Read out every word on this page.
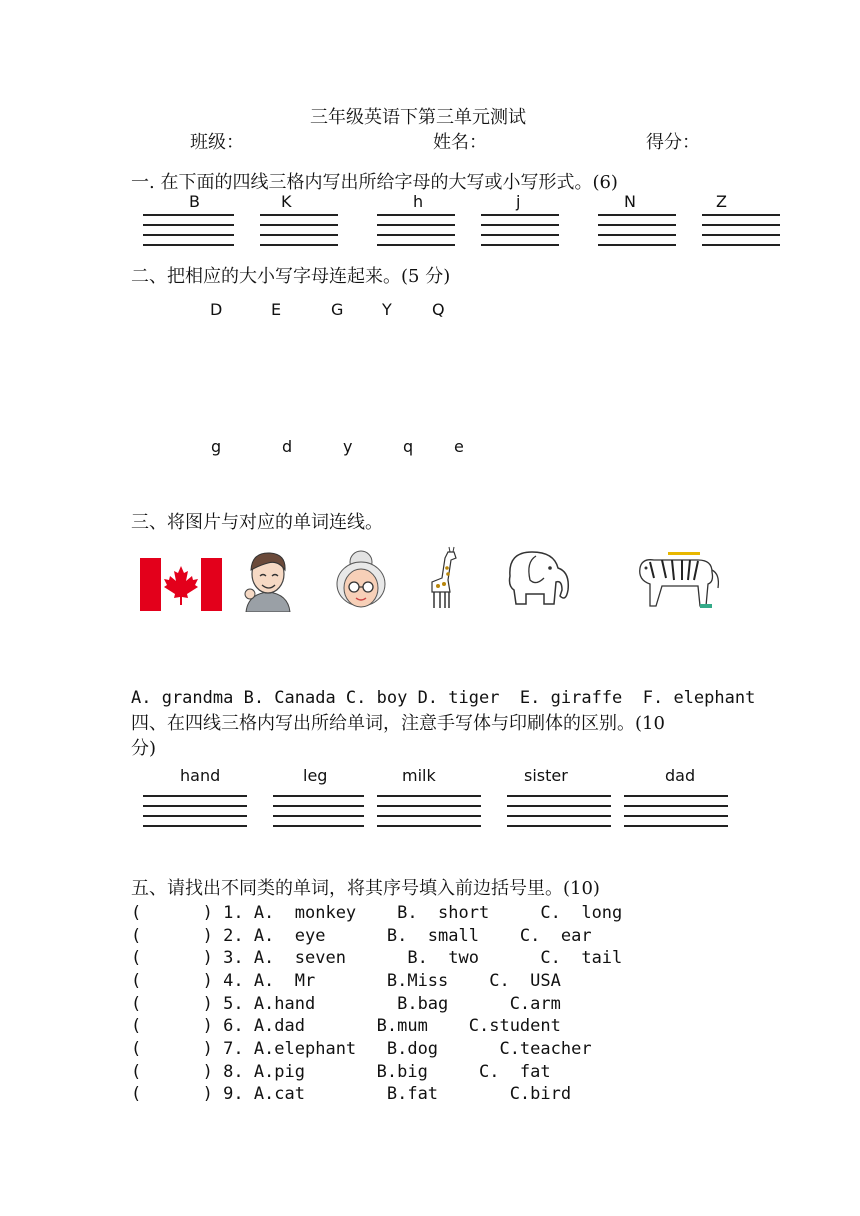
三年级英语下第三单元测试
班级：	姓名：	得分：
一. 在下面的四线三格内写出所给字母的大写或小写形式。(6)
B	K	h	j	N	Z
二、把相应的大小写字母连起来。(5 分)
D	E	G Y	Q
g	d	y	q	e
三、将图片与对应的单词连线。
A. grandma B. Canada C. boy D. tiger  E. giraffe  F. elephant
四、在四线三格内写出所给单词，注意手写体与印刷体的区别。(10
分)
hand	leg	milk	sister	dad
五、请找出不同类的单词，将其序号填入前边括号里。(10)
(      ) 1. A.  monkey    B.  short     C.  long
(      ) 2. A.  eye      B.  small    C.  ear
(      ) 3. A.  seven      B.  two      C.  tail
(      ) 4. A.  Mr       B.Miss    C.  USA
(      ) 5. A.hand        B.bag      C.arm
(      ) 6. A.dad       B.mum    C.student
(      ) 7. A.elephant   B.dog      C.teacher
(      ) 8. A.pig       B.big     C.  fat
(      ) 9. A.cat        B.fat       C.bird
